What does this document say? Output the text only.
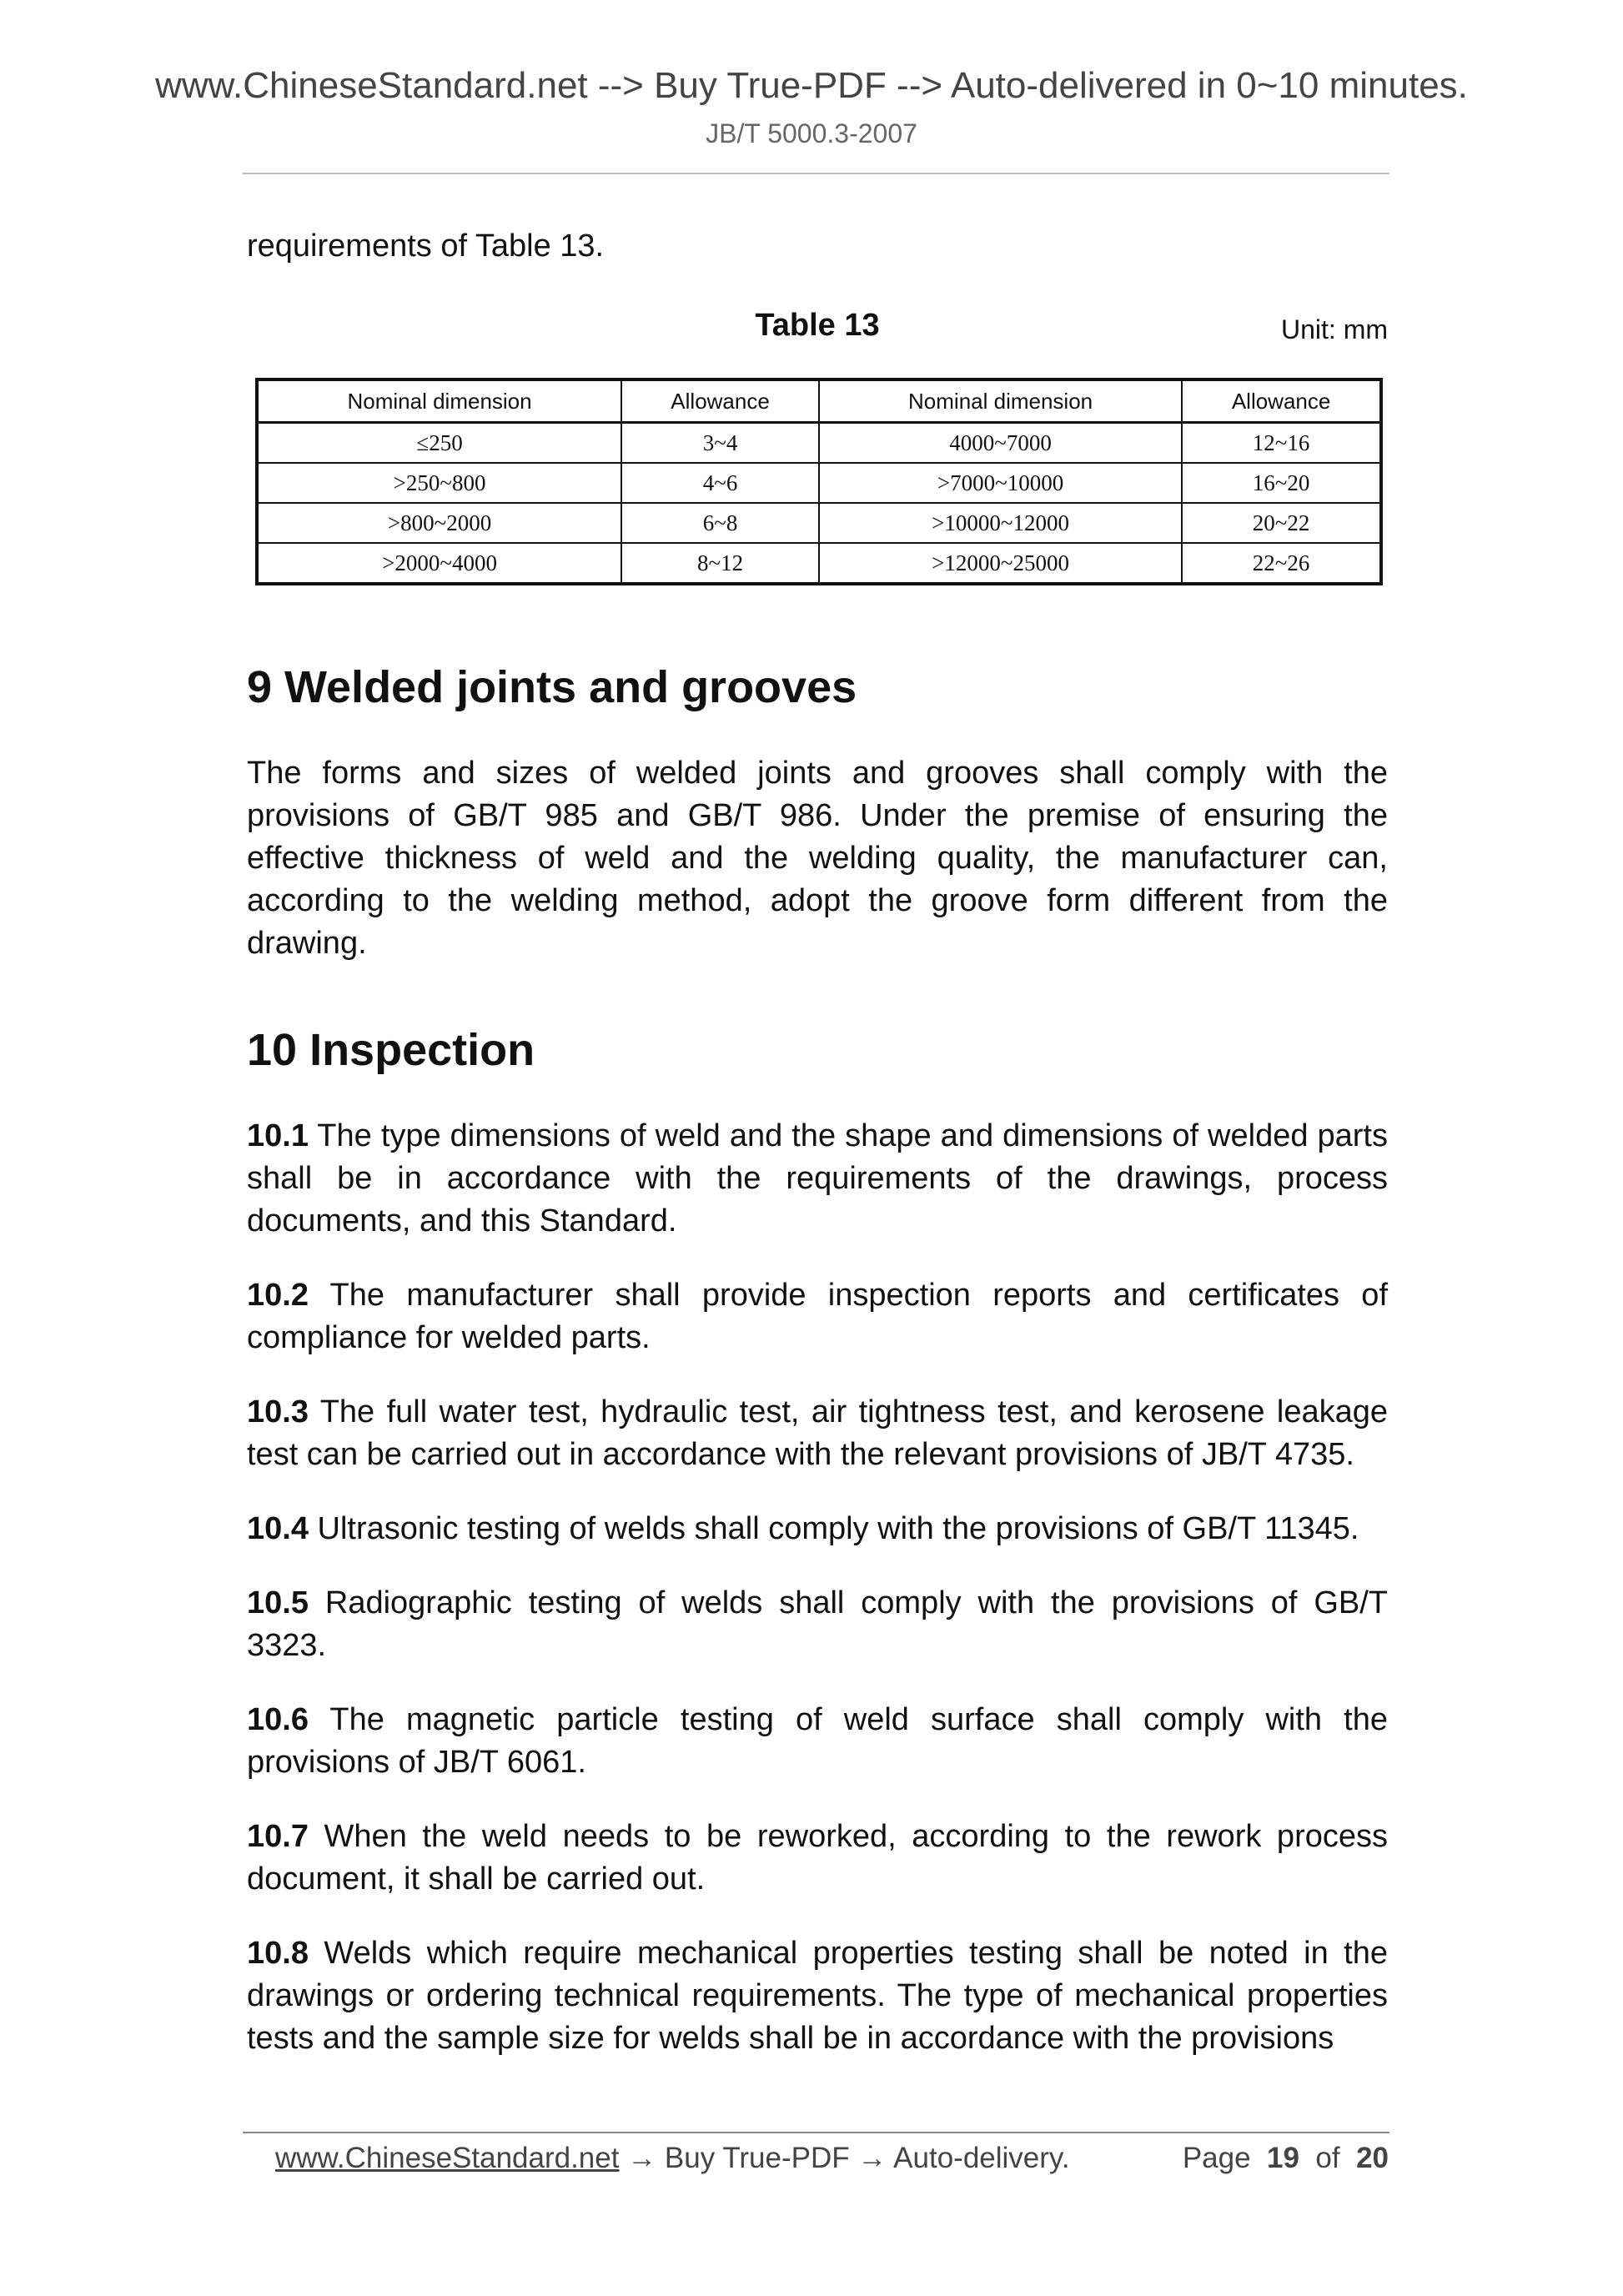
www.ChineseStandard.net --> Buy True-PDF --> Auto-delivered in 0~10 minutes.
JB/T 5000.3-2007

requirements of Table 13.

Table 13	Unit: mm
Nominal dimension	Allowance	Nominal dimension	Allowance
≤250	3~4	4000~7000	12~16
>250~800	4~6	>7000~10000	16~20
>800~2000	6~8	>10000~12000	20~22
>2000~4000	8~12	>12000~25000	22~26
9 Welded joints and grooves

The forms and sizes of welded joints and grooves shall comply with the provisions of GB/T 985 and GB/T 986. Under the premise of ensuring the effective thickness of weld and the welding quality, the manufacturer can, according to the welding method, adopt the groove form different from the drawing.

10 Inspection

10.1 The type dimensions of weld and the shape and dimensions of welded parts shall be in accordance with the requirements of the drawings, process documents, and this Standard.

10.2 The manufacturer shall provide inspection reports and certificates of compliance for welded parts.

10.3 The full water test, hydraulic test, air tightness test, and kerosene leakage test can be carried out in accordance with the relevant provisions of JB/T 4735.

10.4 Ultrasonic testing of welds shall comply with the provisions of GB/T 11345.

10.5 Radiographic testing of welds shall comply with the provisions of GB/T 3323.

10.6 The magnetic particle testing of weld surface shall comply with the provisions of JB/T 6061.

10.7 When the weld needs to be reworked, according to the rework process document, it shall be carried out.

10.8 Welds which require mechanical properties testing shall be noted in the drawings or ordering technical requirements. The type of mechanical properties tests and the sample size for welds shall be in accordance with the provisions

www.ChineseStandard.net → Buy True-PDF → Auto-delivery.	Page 19 of 20
